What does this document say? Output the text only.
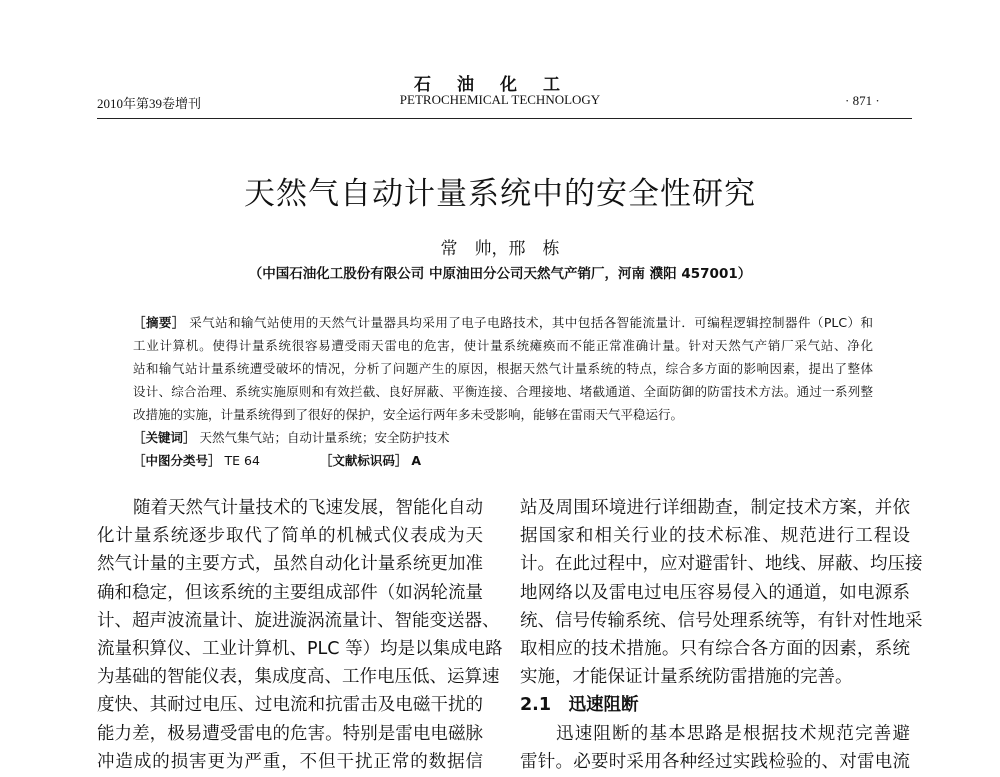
石油化工
PETROCHEMICAL TECHNOLOGY
2010年第39卷增刊	· 871 ·
天然气自动计量系统中的安全性研究
常　帅，邢　栋
（中国石油化工股份有限公司 中原油田分公司天然气产销厂，河南 濮阳 457001）
［摘要］ 采气站和输气站使用的天然气计量器具均采用了电子电路技术，其中包括各智能流量计．可编程逻辑控制器件（PLC）和
工业计算机。使得计量系统很容易遭受雨天雷电的危害，使计量系统瘫痪而不能正常准确计量。针对天然气产销厂采气站、净化
站和输气站计量系统遭受破坏的情况，分析了问题产生的原因，根据天然气计量系统的特点，综合多方面的影响因素，提出了整体
设计、综合治理、系统实施原则和有效拦截、良好屏蔽、平衡连接、合理接地、堵截通道、全面防御的防雷技术方法。通过一系列整
改措施的实施，计量系统得到了很好的保护，安全运行两年多未受影响，能够在雷雨天气平稳运行。
［关键词］ 天然气集气站；自动计量系统；安全防护技术
［中图分类号］ TE 64	［文献标识码］ A
随着天然气计量技术的飞速发展，智能化自动
化计量系统逐步取代了简单的机械式仪表成为天
然气计量的主要方式，虽然自动化计量系统更加准
确和稳定，但该系统的主要组成部件（如涡轮流量
计、超声波流量计、旋进漩涡流量计、智能变送器、
流量积算仪、工业计算机、PLC 等）均是以集成电路
为基础的智能仪表，集成度高、工作电压低、运算速
度快、其耐过电压、过电流和抗雷击及电磁干扰的
能力差，极易遭受雷电的危害。特别是雷电电磁脉
冲造成的损害更为严重，不但干扰正常的数据信
站及周围环境进行详细勘查，制定技术方案，并依
据国家和相关行业的技术标准、规范进行工程设
计。在此过程中，应对避雷针、地线、屏蔽、均压接
地网络以及雷电过电压容易侵入的通道，如电源系
统、信号传输系统、信号处理系统等，有针对性地采
取相应的技术措施。只有综合各方面的因素，系统
实施，才能保证计量系统防雷措施的完善。
2.1　迅速阻断
迅速阻断的基本思路是根据技术规范完善避
雷针。必要时采用各种经过实践检验的、对雷电流
